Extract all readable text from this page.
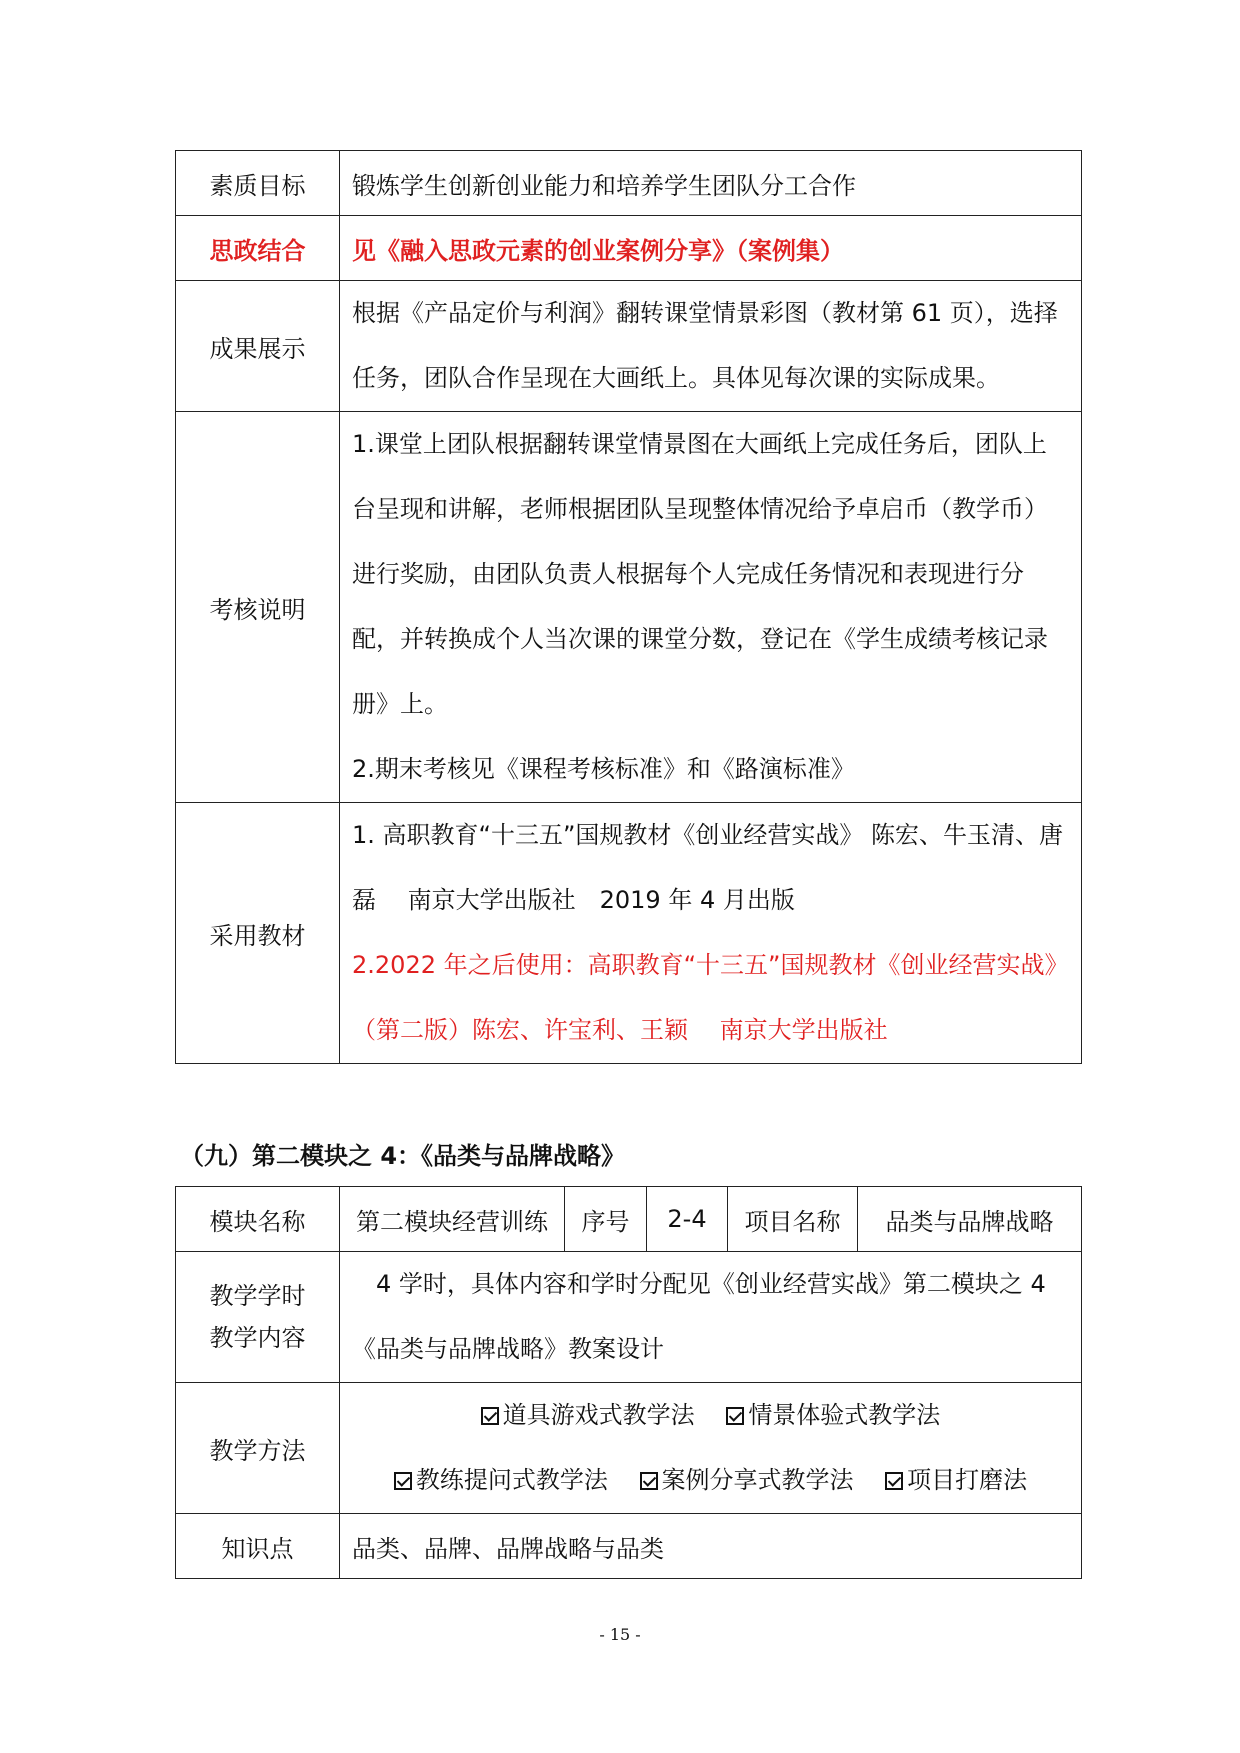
素质目标	锻炼学生创新创业能力和培养学生团队分工合作
思政结合	见《融入思政元素的创业案例分享》（案例集）
成果展示	根据《产品定价与利润》翻转课堂情景彩图（教材第 61 页），选择任务，团队合作呈现在大画纸上。具体见每次课的实际成果。
考核说明	1.课堂上团队根据翻转课堂情景图在大画纸上完成任务后，团队上台呈现和讲解，老师根据团队呈现整体情况给予卓启币（教学币）进行奖励，由团队负责人根据每个人完成任务情况和表现进行分配，并转换成个人当次课的课堂分数，登记在《学生成绩考核记录册》上。
2.期末考核见《课程考核标准》和《路演标准》

采用教材	1. 高职教育“十三五”国规教材《创业经营实战》 陈宏、牛玉清、唐磊　 南京大学出版社　2019 年 4 月出版
2.2022 年之后使用：高职教育“十三五”国规教材《创业经营实战》 （第二版）陈宏、许宝利、王颖　 南京大学出版社
（九）第二模块之 4：《品类与品牌战略》
模块名称	第二模块经营训练	序号	2-4	项目名称	品类与品牌战略

教学学时
教学内容	4 学时，具体内容和学时分配见《创业经营实战》第二模块之 4《品类与品牌战略》教案设计				
教学方法	道具游戏式教学法 情景体验式教学法
教练提问式教学法 案例分享式教学法 项目打磨法				

知识点	品类、品牌、品牌战略与品类				
- 15 -
